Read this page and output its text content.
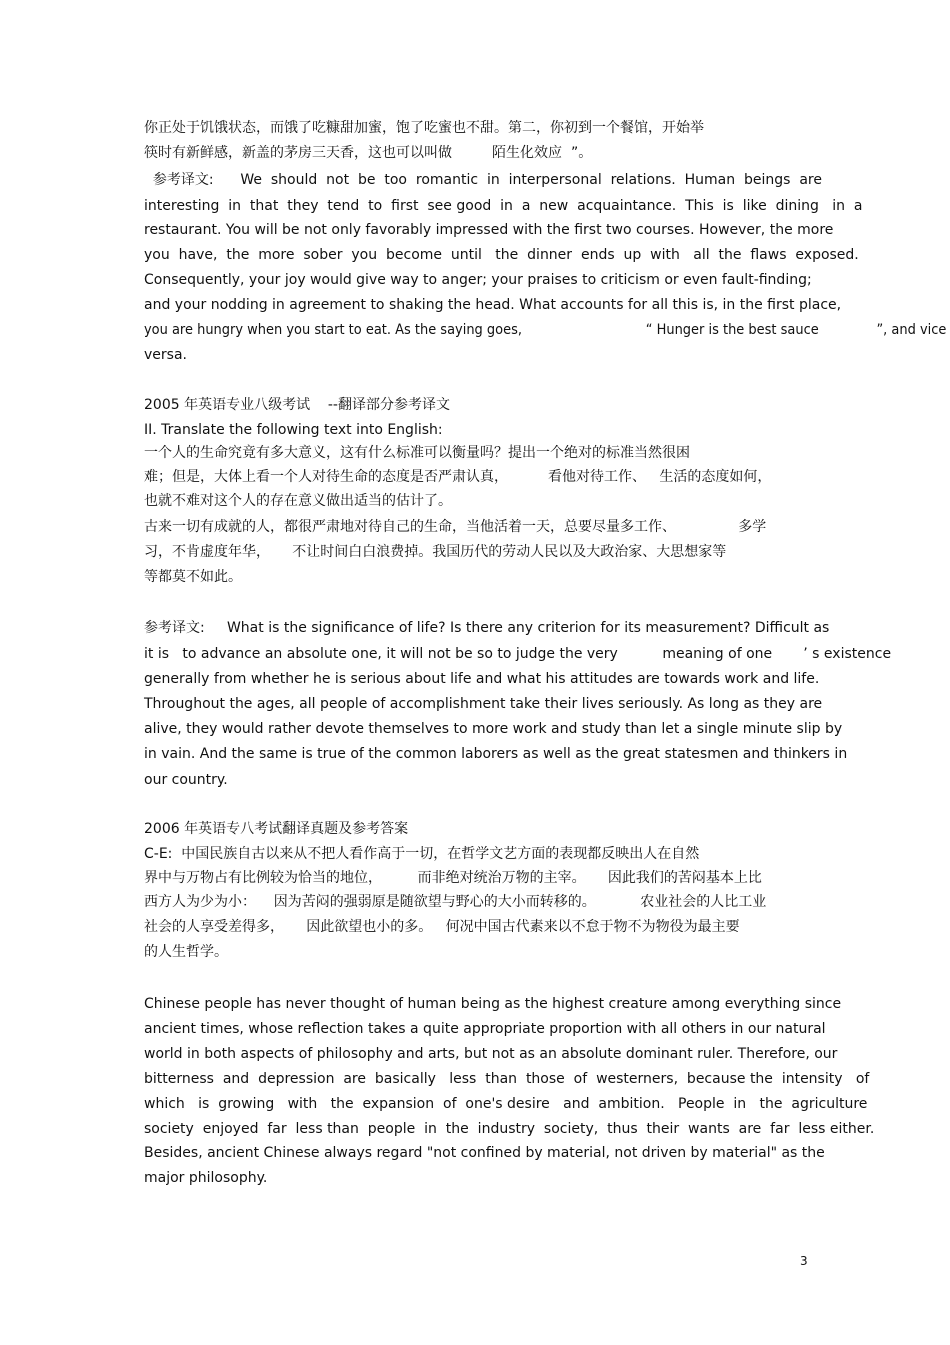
你正处于饥饿状态，而饿了吃糠甜加蜜，饱了吃蜜也不甜。第二，你初到一个餐馆，开始举

筷时有新鲜感，新盖的茅房三天香，这也可以叫做         陌生化效应  ”。

参考译文:      We  should  not  be  too  romantic  in  interpersonal  relations.  Human  beings  are

interesting  in  that  they  tend  to  first  see good  in  a  new  acquaintance.  This  is  like  dining   in  a

restaurant. You will be not only favorably impressed with the first two courses. However, the more

you  have,  the  more  sober  you  become  until   the  dinner  ends  up  with   all  the  flaws  exposed.

Consequently, your joy would give way to anger; your praises to criticism or even fault-finding;

and your nodding in agreement to shaking the head. What accounts for all this is, in the first place,

you are hungry when you start to eat. As the saying goes,                              “ Hunger is the best sauce              ”, and vice

versa.

2005 年英语专业八级考试    --翻译部分参考译文

II. Translate the following text into English:

一个人的生命究竟有多大意义，这有什么标准可以衡量吗？提出一个绝对的标准当然很困

难；但是，大体上看一个人对待生命的态度是否严肃认真，         看他对待工作、   生活的态度如何，

也就不难对这个人的存在意义做出适当的估计了。

古来一切有成就的人，都很严肃地对待自己的生命，当他活着一天，总要尽量多工作、              多学

习，不肯虚度年华，     不让时间白白浪费掉。我国历代的劳动人民以及大政治家、大思想家等

等都莫不如此。

参考译文:     What is the significance of life? Is there any criterion for its measurement? Difficult as

it is   to advance an absolute one, it will not be so to judge the very          meaning of one       ’ s existence

generally from whether he is serious about life and what his attitudes are towards work and life.

Throughout the ages, all people of accomplishment take their lives seriously. As long as they are

alive, they would rather devote themselves to more work and study than let a single minute slip by

in vain. And the same is true of the common laborers as well as the great statesmen and thinkers in

our country.

2006 年英语专八考试翻译真题及参考答案

C-E:  中国民族自古以来从不把人看作高于一切，在哲学文艺方面的表现都反映出人在自然

界中与万物占有比例较为恰当的地位，        而非绝对统治万物的主宰。     因此我们的苦闷基本上比

西方人为少为小：    因为苦闷的强弱原是随欲望与野心的大小而转移的。          农业社会的人比工业

社会的人享受差得多，     因此欲望也小的多。   何况中国古代素来以不怠于物不为物役为最主要

的人生哲学。

Chinese people has never thought of human being as the highest creature among everything since

ancient times, whose reflection takes a quite appropriate proportion with all others in our natural

world in both aspects of philosophy and arts, but not as an absolute dominant ruler. Therefore, our

bitterness  and  depression  are  basically   less  than  those  of  westerners,  because the  intensity   of

which   is  growing   with   the  expansion  of  one's desire   and  ambition.   People  in   the  agriculture

society  enjoyed  far  less than  people  in  the  industry  society,  thus  their  wants  are  far  less either.

Besides, ancient Chinese always regard "not confined by material, not driven by material" as the

major philosophy.

3
